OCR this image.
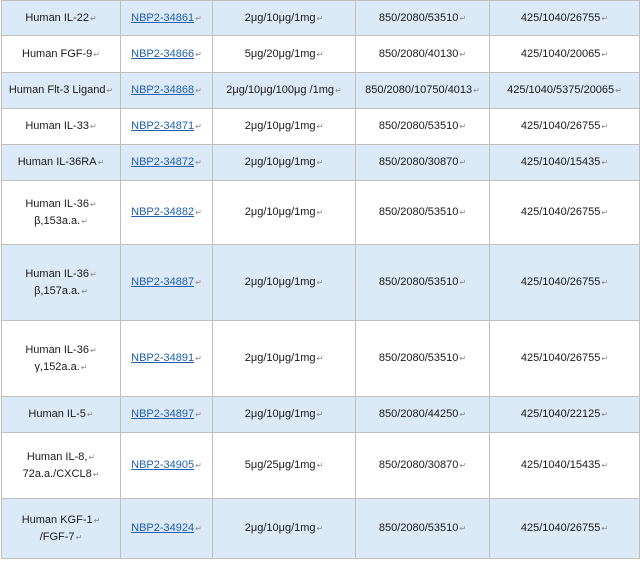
Human IL-22↵	NBP2-34861↵	2μg/10μg/1mg↵	850/2080/53510↵	425/1040/26755↵

Human FGF-9↵	NBP2-34866↵	5μg/20μg/1mg↵	850/2080/40130↵	425/1040/20065↵

Human Flt-3 Ligand↵	NBP2-34868↵	2μg/10μg/100μg /1mg↵	850/2080/10750/4013↵	425/1040/5375/20065↵

Human IL-33↵	NBP2-34871↵	2μg/10μg/1mg↵	850/2080/53510↵	425/1040/26755↵

Human IL-36RA↵	NBP2-34872↵	2μg/10μg/1mg↵	850/2080/30870↵	425/1040/15435↵

Human IL-36↵
β,153a.a.↵	NBP2-34882↵	2μg/10μg/1mg↵	850/2080/53510↵	425/1040/26755↵

Human IL-36↵
β,157a.a.↵	NBP2-34887↵	2μg/10μg/1mg↵	850/2080/53510↵	425/1040/26755↵

Human IL-36↵
γ,152a.a.↵	NBP2-34891↵	2μg/10μg/1mg↵	850/2080/53510↵	425/1040/26755↵

Human IL-5↵	NBP2-34897↵	2μg/10μg/1mg↵	850/2080/44250↵	425/1040/22125↵

Human IL-8,↵
72a.a./CXCL8↵	NBP2-34905↵	5μg/25μg/1mg↵	850/2080/30870↵	425/1040/15435↵

Human KGF-1↵
/FGF-7↵	NBP2-34924↵	2μg/10μg/1mg↵	850/2080/53510↵	425/1040/26755↵
